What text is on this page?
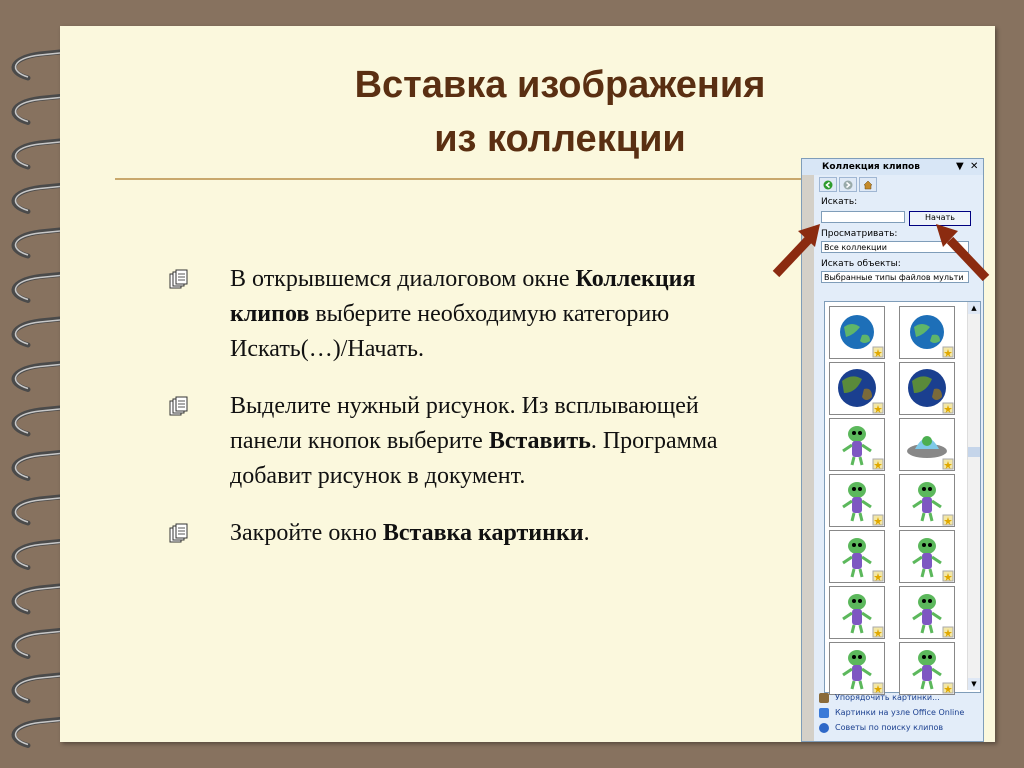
Вставка изображения
из коллекции
В открывшемся диалоговом окне Коллекция клипов выберите необходимую категорию Искать(…)/Начать.
Выделите нужный рисунок. Из всплывающей панели кнопок выберите Вставить. Программа добавит рисунок в документ.
Закройте окно Вставка картинки.
Коллекция клипов	▼ ✕
Искать:
Начать
Просматривать:
Все коллекции
Искать объекты:
Выбранные типы файлов мульти
▲
▼
Упорядочить картинки...
Картинки на узле Office Online
Советы по поиску клипов
